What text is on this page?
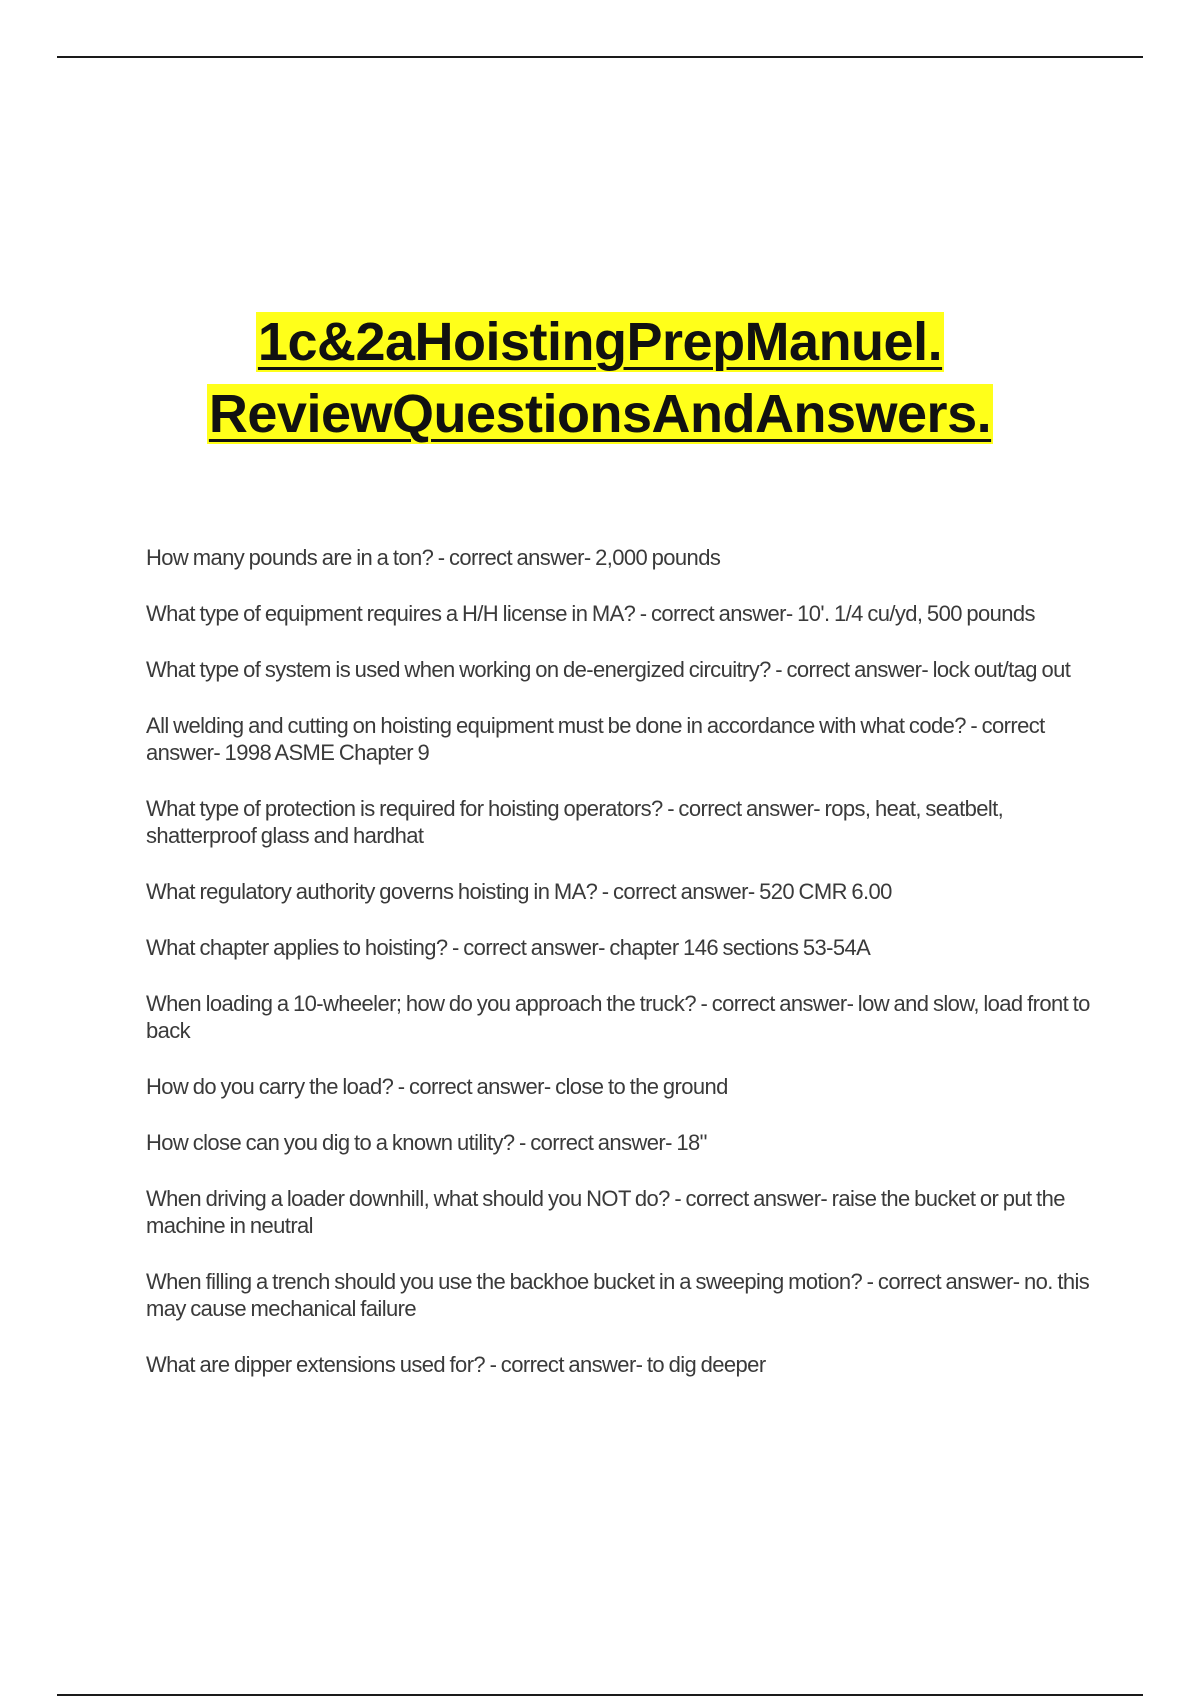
1c&2aHoistingPrepManuel.
ReviewQuestionsAndAnswers.

How many pounds are in a ton? - correct answer- 2,000 pounds

What type of equipment requires a H/H license in MA? - correct answer- 10'. 1/4 cu/yd, 500 pounds

What type of system is used when working on de-energized circuitry? - correct answer- lock out/tag out

All welding and cutting on hoisting equipment must be done in accordance with what code? - correct answer- 1998 ASME Chapter 9

What type of protection is required for hoisting operators? - correct answer- rops, heat, seatbelt, shatterproof glass and hardhat

What regulatory authority governs hoisting in MA? - correct answer- 520 CMR 6.00

What chapter applies to hoisting? - correct answer- chapter 146 sections 53-54A

When loading a 10-wheeler; how do you approach the truck? - correct answer- low and slow, load front to back

How do you carry the load? - correct answer- close to the ground

How close can you dig to a known utility? - correct answer- 18"

When driving a loader downhill, what should you NOT do? - correct answer- raise the bucket or put the machine in neutral

When filling a trench should you use the backhoe bucket in a sweeping motion? - correct answer- no. this may cause mechanical failure

What are dipper extensions used for? - correct answer- to dig deeper
